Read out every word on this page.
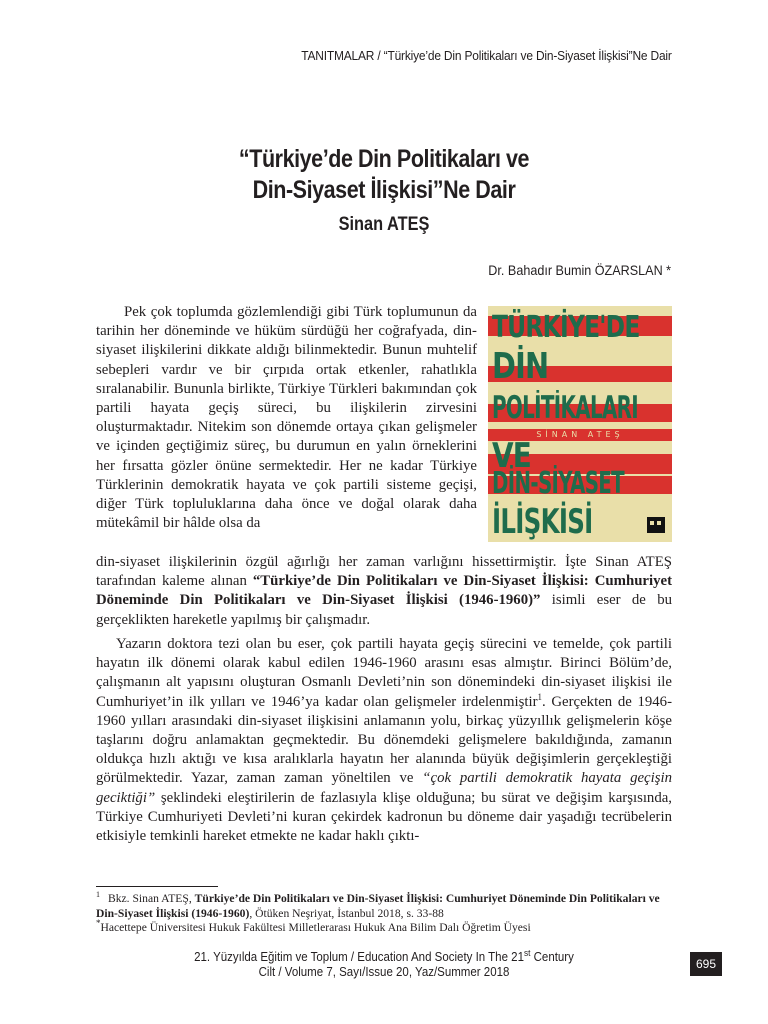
TANITMALAR / “Türkiye’de Din Politikaları ve Din-Siyaset İlişkisi”Ne Dair
“Türkiye’de Din Politikaları ve
Din-Siyaset İlişkisi”Ne Dair
Sinan ATEŞ
Dr. Bahadır Bumin ÖZARSLAN *
Pek çok toplumda gözlemlendiği gibi Türk toplumunun da tarihin her döneminde ve hüküm sürdüğü her coğrafyada, din-siyaset ilişkilerini dikkate aldığı bilinmektedir. Bunun muhtelif sebepleri vardır ve bir çırpıda ortak etkenler, rahatlıkla sıralanabilir. Bununla birlikte, Türkiye Türkleri bakımından çok partili hayata geçiş süreci, bu ilişkilerin zirvesini oluşturmaktadır. Nitekim son dönemde ortaya çıkan gelişmeler ve içinden geçtiğimiz süreç, bu durumun en yalın örneklerini her fırsatta gözler önüne sermektedir. Her ne kadar Türkiye Türklerinin demokratik hayata ve çok partili sisteme geçişi, diğer Türk topluluklarına daha önce ve doğal olarak daha mütekâmil bir hâlde olsa da
TÜRKİYE'DE
DİN
POLİTİKALARI
SİNAN ATEŞ
VE
DİN-SİYASET
İLİŞKİSİ
din-siyaset ilişkilerinin özgül ağırlığı her zaman varlığını hissettirmiştir. İşte Sinan ATEŞ tarafından kaleme alınan “Türkiye’de Din Politikaları ve Din-Siyaset İlişkisi: Cumhuriyet Döneminde Din Politikaları ve Din-Siyaset İlişkisi (1946-1960)” isimli eser de bu gerçeklikten hareketle yapılmış bir çalışmadır.
Yazarın doktora tezi olan bu eser, çok partili hayata geçiş sürecini ve temelde, çok partili hayatın ilk dönemi olarak kabul edilen 1946-1960 arasını esas almıştır. Birinci Bölüm’de, çalışmanın alt yapısını oluşturan Osmanlı Devleti’nin son dönemindeki din-siyaset ilişkisi ile Cumhuriyet’in ilk yılları ve 1946’ya kadar olan gelişmeler irdelenmiştir$^1$. Gerçekten de 1946-1960 yılları arasındaki din-siyaset ilişkisini anlamanın yolu, birkaç yüzyıllık gelişmelerin köşe taşlarını doğru anlamaktan geçmektedir. Bu dönemdeki gelişmelere bakıldığında, zamanın oldukça hızlı aktığı ve kısa aralıklarla hayatın her alanında büyük değişimlerin gerçekleştiği görülmektedir. Yazar, zaman zaman yöneltilen ve “çok partili demokratik hayata geçişin geciktiği” şeklindeki eleştirilerin de fazlasıyla klişe olduğuna; bu sürat ve değişim karşısında, Türkiye Cumhuriyeti Devleti’ni kuran çekirdek kadronun bu döneme dair yaşadığı tecrübelerin etkisiyle temkinli hareket etmekte ne kadar haklı çıktı-
$^1$ Bkz. Sinan ATEŞ, Türkiye’de Din Politikaları ve Din-Siyaset İlişkisi: Cumhuriyet Döneminde Din Politikaları ve Din-Siyaset İlişkisi (1946-1960), Ötüken Neşriyat, İstanbul 2018, s. 33-88
*Hacettepe Üniversitesi Hukuk Fakültesi Milletlerarası Hukuk Ana Bilim Dalı Öğretim Üyesi
21. Yüzyılda Eğitim ve Toplum / Education And Society In The 21st Century
Cilt / Volume 7, Sayı/Issue 20, Yaz/Summer 2018
695
